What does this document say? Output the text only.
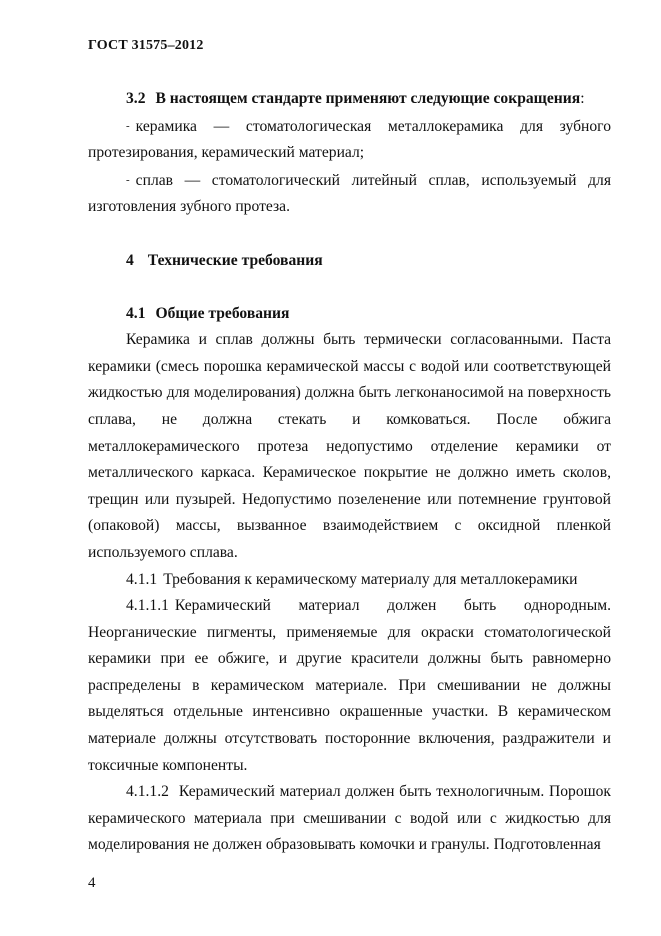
ГОСТ 31575–2012

3.2 В настоящем стандарте применяют следующие сокращения:

- керамика — стоматологическая металлокерамика для зубного протезирования, керамический материал;

- сплав — стоматологический литейный сплав, используемый для изготовления зубного протеза.

4 Технические требования

4.1 Общие требования

Керамика и сплав должны быть термически согласованными. Паста керамики (смесь порошка керамической массы с водой или соответствующей жидкостью для моделирования) должна быть легконаносимой на поверхность сплава, не должна стекать и комковаться. После обжига металлокерамического протеза недопустимо отделение керамики от металлического каркаса. Керамическое покрытие не должно иметь сколов, трещин или пузырей. Недопустимо позеленение или потемнение грунтовой (опаковой) массы, вызванное взаимодействием с оксидной пленкой используемого сплава.

4.1.1 Требования к керамическому материалу для металлокерамики

4.1.1.1 Керамический материал должен быть однородным. Неорганические пигменты, применяемые для окраски стоматологической керамики при ее обжиге, и другие красители должны быть равномерно распределены в керамическом материале. При смешивании не должны выделяться отдельные интенсивно окрашенные участки. В керамическом материале должны отсутствовать посторонние включения, раздражители и токсичные компоненты.

4.1.1.2 Керамический материал должен быть технологичным. Порошок керамического материала при смешивании с водой или с жидкостью для моделирования не должен образовывать комочки и гранулы. Подготовленная

4
